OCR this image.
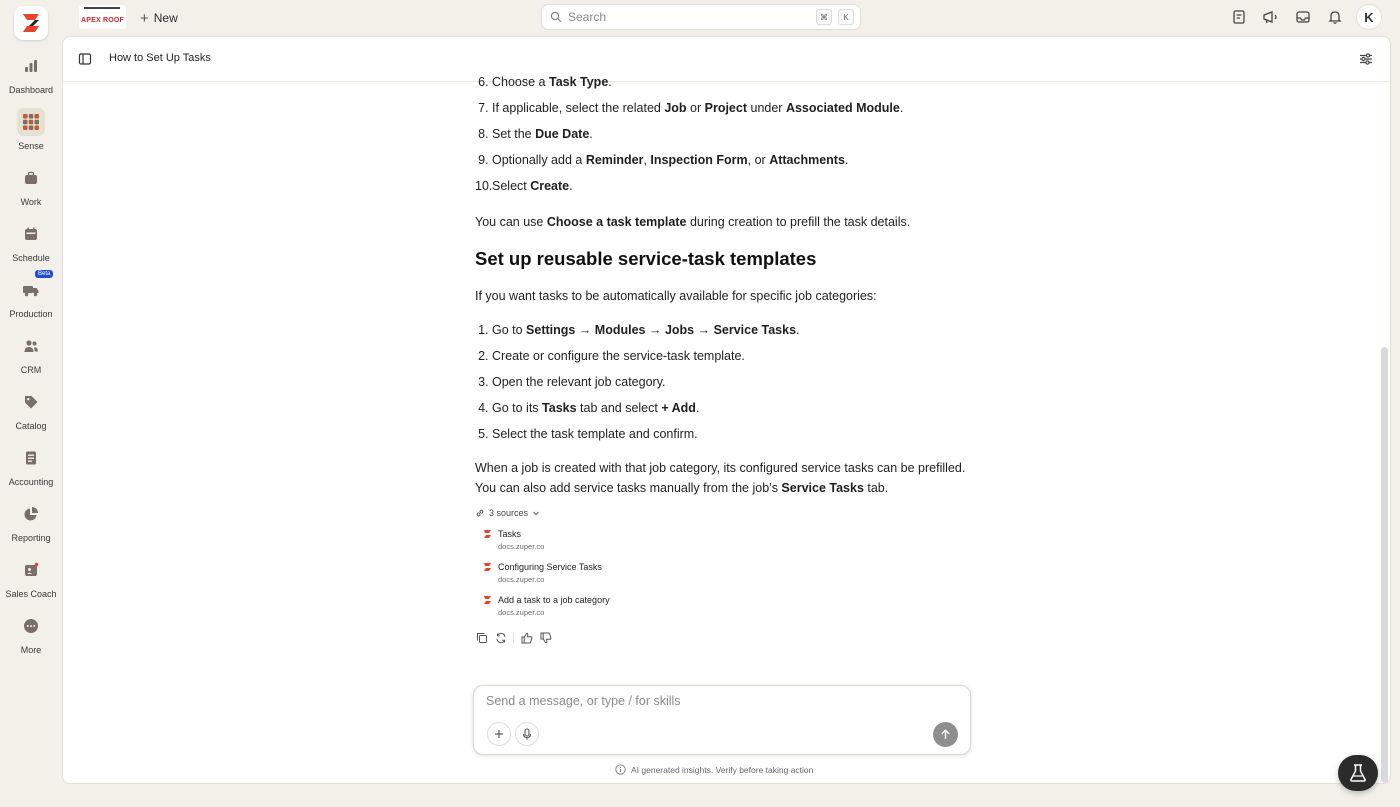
APEX ROOF + New
Search	⌘	K	K
Dashboard
Sense
Work
Schedule
Beta
Production
CRM
Catalog
Accounting
Reporting
Sales Coach
More
How to Set Up Tasks
6. Choose a Task Type.
7. If applicable, select the related Job or Project under Associated Module.
8. Set the Due Date.
9. Optionally add a Reminder, Inspection Form, or Attachments.
10. Select Create.
You can use Choose a task template during creation to prefill the task details.
Set up reusable service-task templates
If you want tasks to be automatically available for specific job categories:
1. Go to Settings → Modules → Jobs → Service Tasks.
2. Create or configure the service-task template.
3. Open the relevant job category.
4. Go to its Tasks tab and select + Add.
5. Select the task template and confirm.
When a job is created with that job category, its configured service tasks can be prefilled.
You can also add service tasks manually from the job’s Service Tasks tab.
3 sources
Tasks
docs.zuper.co
Configuring Service Tasks
docs.zuper.co
Add a task to a job category
docs.zuper.co
Send a message, or type / for skills
AI generated insights. Verify before taking action
